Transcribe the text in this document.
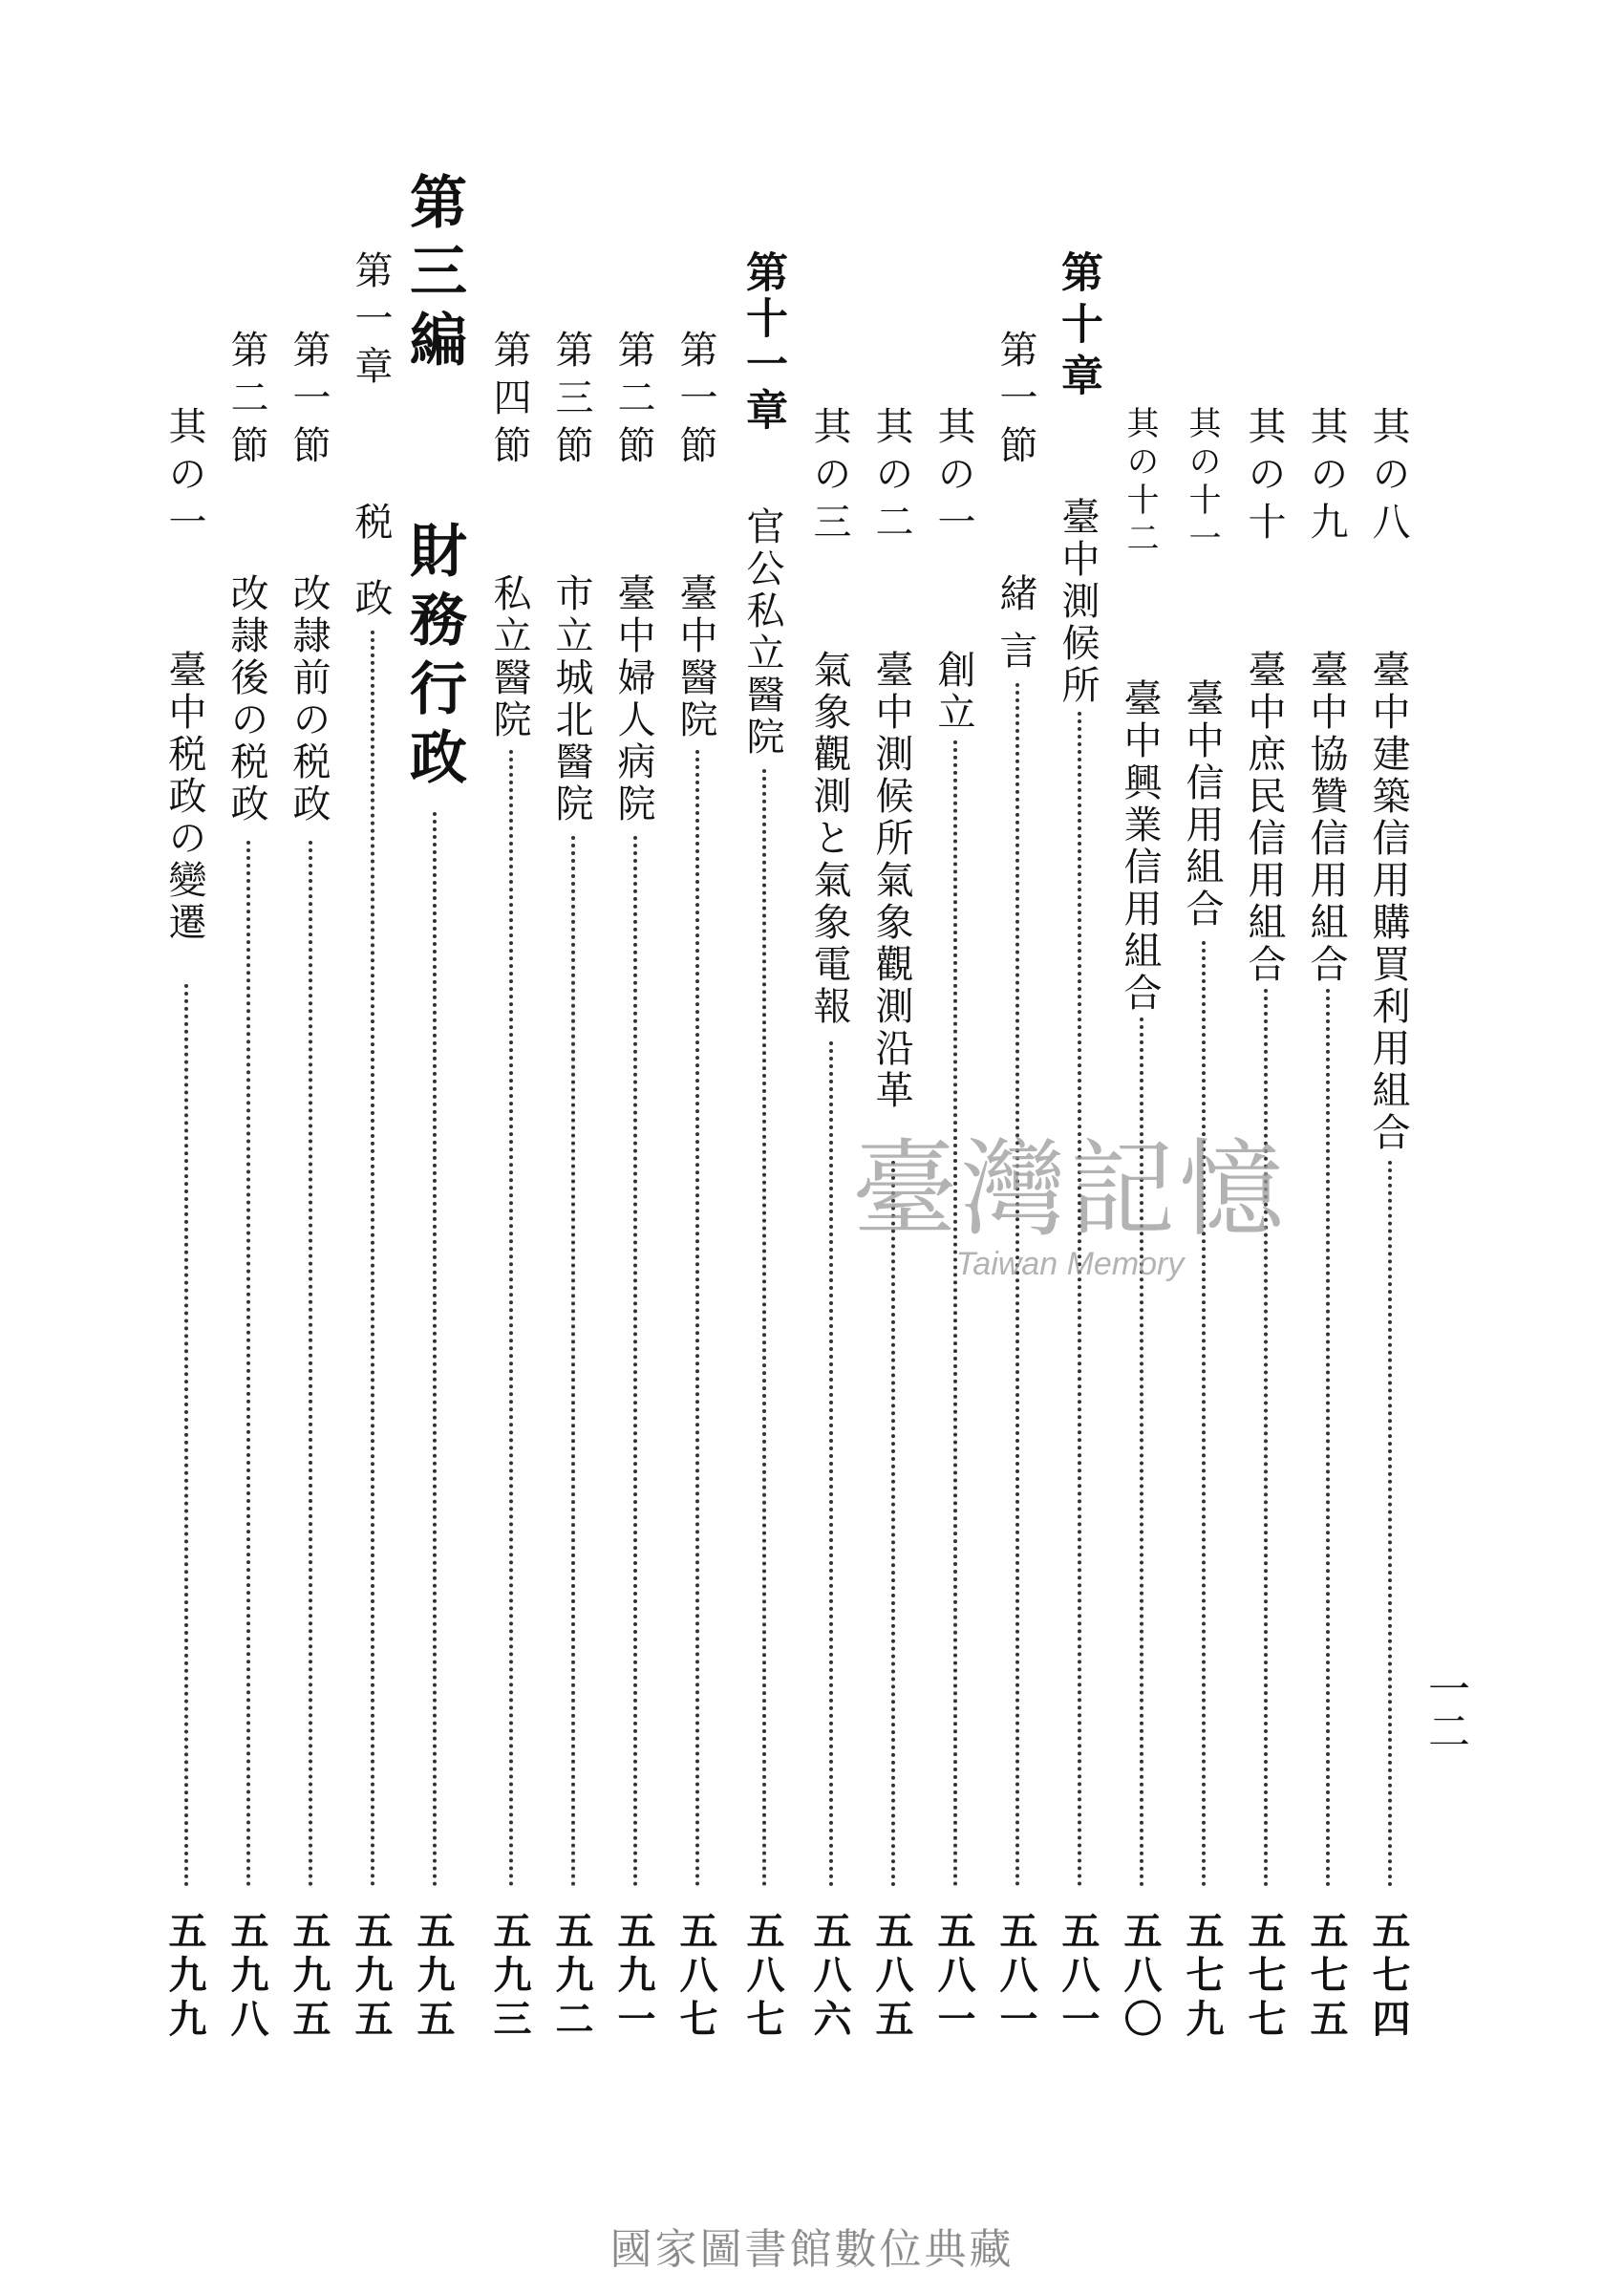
其の八
臺中建築信用購買利用組合
五七四
其の九
臺中協贊信用組合
五七五
其の十
臺中庶民信用組合
五七七
其の十一
臺中信用組合
五七九
其の十二
臺中興業信用組合
五八〇
第十章
臺中測候所
五八一
第一節
緒言
五八一
其の一
創立
五八一
其の二
臺中測候所氣象觀測沿革
五八五
其の三
氣象觀測と氣象電報
五八六
第十一章
官公私立醫院
五八七
第一節
臺中醫院
五八七
第二節
臺中婦人病院
五九一
第三節
市立城北醫院
五九二
第四節
私立醫院
五九三
第三編
財務行政
五九五
第一章
税政
五九五
第一節
改隷前の税政
五九五
第二節
改隷後の税政
五九八
其の一
臺中税政の變遷
五九九
一二
臺灣記憶
Taiwan Memory
國家圖書館數位典藏
